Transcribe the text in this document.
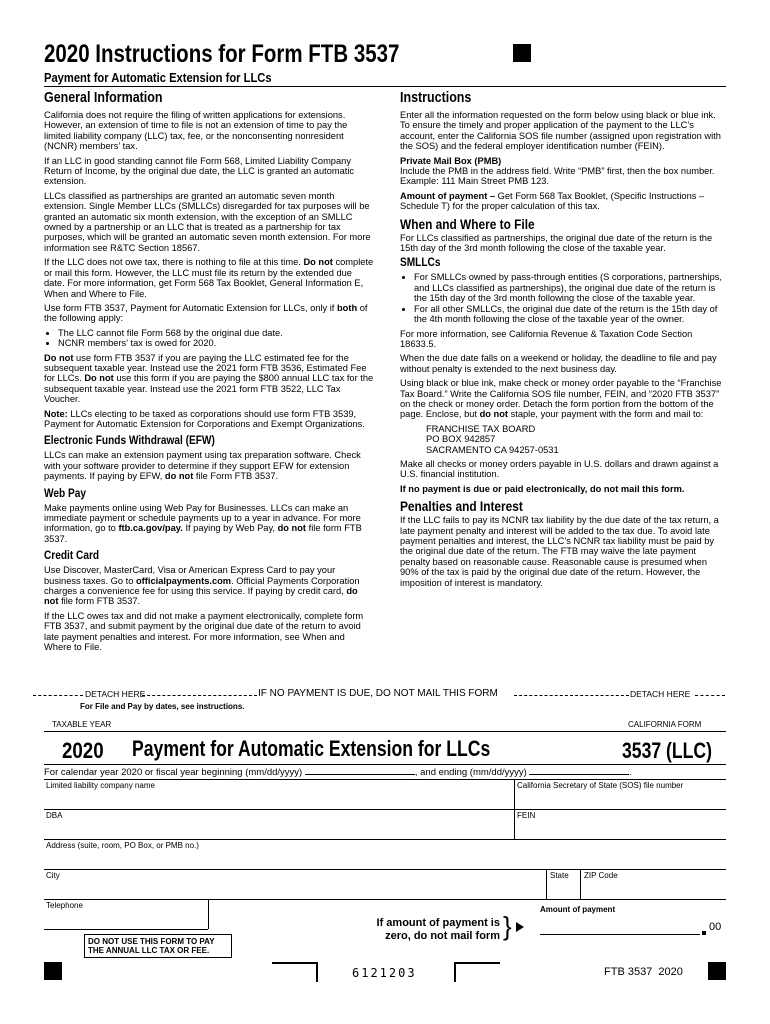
2020 Instructions for Form FTB 3537
Payment for Automatic Extension for LLCs
General Information

California does not require the filing of written applications for extensions. However, an extension of time to file is not an extension of time to pay the limited liability company (LLC) tax, fee, or the nonconsenting nonresident (NCNR) members’ tax.

If an LLC in good standing cannot file Form 568, Limited Liability Company Return of Income, by the original due date, the LLC is granted an automatic extension.

LLCs classified as partnerships are granted an automatic seven month extension. Single Member LLCs (SMLLCs) disregarded for tax purposes will be granted an automatic six month extension, with the exception of an SMLLC owned by a partnership or an LLC that is treated as a partnership for tax purposes, which will be granted an automatic seven month extension. For more information see R&TC Section 18567.

If the LLC does not owe tax, there is nothing to file at this time. Do not complete or mail this form. However, the LLC must file its return by the extended due date. For more information, get Form 568 Tax Booklet, General Information E, When and Where to File.

Use form FTB 3537, Payment for Automatic Extension for LLCs, only if both of the following apply:

• The LLC cannot file Form 568 by the original due date.
• NCNR members’ tax is owed for 2020.

Do not use form FTB 3537 if you are paying the LLC estimated fee for the subsequent taxable year. Instead use the 2021 form FTB 3536, Estimated Fee for LLCs. Do not use this form if you are paying the $800 annual LLC tax for the subsequent taxable year. Instead use the 2021 form FTB 3522, LLC Tax Voucher.

Note: LLCs electing to be taxed as corporations should use form FTB 3539, Payment for Automatic Extension for Corporations and Exempt Organizations.

Electronic Funds Withdrawal (EFW)

LLCs can make an extension payment using tax preparation software. Check with your software provider to determine if they support EFW for extension payments. If paying by EFW, do not file Form FTB 3537.

Web Pay

Make payments online using Web Pay for Businesses. LLCs can make an immediate payment or schedule payments up to a year in advance. For more information, go to ftb.ca.gov/pay. If paying by Web Pay, do not file form FTB 3537.

Credit Card

Use Discover, MasterCard, Visa or American Express Card to pay your business taxes. Go to officialpayments.com. Official Payments Corporation charges a convenience fee for using this service. If paying by credit card, do not file form FTB 3537.

If the LLC owes tax and did not make a payment electronically, complete form FTB 3537, and submit payment by the original due date of the return to avoid late payment penalties and interest. For more information, see When and Where to File.

Instructions

Enter all the information requested on the form below using black or blue ink. To ensure the timely and proper application of the payment to the LLC’s account, enter the California SOS file number (assigned upon registration with the SOS) and the federal employer identification number (FEIN).

Private Mail Box (PMB)

Include the PMB in the address field. Write “PMB” first, then the box number. Example: 111 Main Street PMB 123.

Amount of payment – Get Form 568 Tax Booklet, (Specific Instructions – Schedule T) for the proper calculation of this tax.

When and Where to File

For LLCs classified as partnerships, the original due date of the return is the 15th day of the 3rd month following the close of the taxable year.

SMLLCs
• For SMLLCs owned by pass-through entities (S corporations, partnerships, and LLCs classified as partnerships), the original due date of the return is the 15th day of the 3rd month following the close of the taxable year.
• For all other SMLLCs, the original due date of the return is the 15th day of the 4th month following the close of the taxable year of the owner.

For more information, see California Revenue & Taxation Code Section 18633.5.

When the due date falls on a weekend or holiday, the deadline to file and pay without penalty is extended to the next business day.

Using black or blue ink, make check or money order payable to the “Franchise Tax Board.” Write the California SOS file number, FEIN, and “2020 FTB 3537” on the check or money order. Detach the form portion from the bottom of the page. Enclose, but do not staple, your payment with the form and mail to:

FRANCHISE TAX BOARD
PO BOX 942857
SACRAMENTO CA 94257-0531

Make all checks or money orders payable in U.S. dollars and drawn against a U.S. financial institution.

If no payment is due or paid electronically, do not mail this form.

Penalties and Interest

If the LLC fails to pay its NCNR tax liability by the due date of the tax return, a late payment penalty and interest will be added to the tax due. To avoid late payment penalties and interest, the LLC’s NCNR tax liability must be paid by the original due date of the return. The FTB may waive the late payment penalty based on reasonable cause. Reasonable cause is presumed when 90% of the tax is paid by the original due date of the return. However, the imposition of interest is mandatory.

DETACH HERE	IF NO PAYMENT IS DUE, DO NOT MAIL THIS FORM	DETACH HERE
For File and Pay by dates, see instructions.
TAXABLE YEAR	CALIFORNIA FORM
2020 Payment for Automatic Extension for LLCs	3537 (LLC)
For calendar year 2020 or fiscal year beginning (mm/dd/yyyy)	, and ending (mm/dd/yyyy)	.
Limited liability company name	California Secretary of State (SOS) file number
DBA	FEIN
Address (suite, room, PO Box, or PMB no.)
City	State	ZIP Code
Telephone	Amount of payment
If amount of payment is zero, do not mail form }	00
DO NOT USE THIS FORM TO PAY THE ANNUAL LLC TAX OR FEE.
6121203	FTB 3537  2020
